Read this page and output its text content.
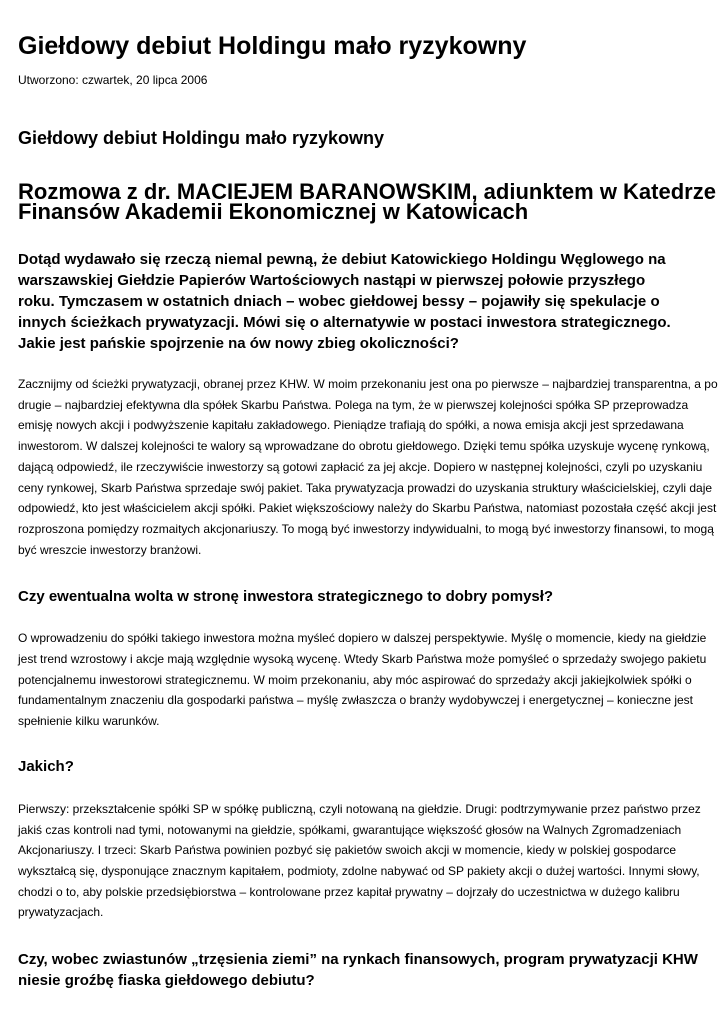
Giełdowy debiut Holdingu mało ryzykowny
Utworzono: czwartek, 20 lipca 2006
Giełdowy debiut Holdingu mało ryzykowny
Rozmowa z dr. MACIEJEM BARANOWSKIM, adiunktem w Katedrze Finansów Akademii Ekonomicznej w Katowicach

Dotąd wydawało się rzeczą niemal pewną, że debiut Katowickiego Holdingu Węglowego na warszawskiej Giełdzie Papierów Wartościowych nastąpi w pierwszej połowie przyszłego roku. Tymczasem w ostatnich dniach – wobec giełdowej bessy – pojawiły się spekulacje o innych ścieżkach prywatyzacji. Mówi się o alternatywie w postaci inwestora strategicznego. Jakie jest pańskie spojrzenie na ów nowy zbieg okoliczności?

Zacznijmy od ścieżki prywatyzacji, obranej przez KHW. W moim przekonaniu jest ona po pierwsze – najbardziej transparentna, a po drugie – najbardziej efektywna dla spółek Skarbu Państwa. Polega na tym, że w pierwszej kolejności spółka SP przeprowadza emisję nowych akcji i podwyższenie kapitału zakładowego. Pieniądze trafiają do spółki, a nowa emisja akcji jest sprzedawana inwestorom. W dalszej kolejności te walory są wprowadzane do obrotu giełdowego. Dzięki temu spółka uzyskuje wycenę rynkową, dającą odpowiedź, ile rzeczywiście inwestorzy są gotowi zapłacić za jej akcje. Dopiero w następnej kolejności, czyli po uzyskaniu ceny rynkowej, Skarb Państwa sprzedaje swój pakiet. Taka prywatyzacja prowadzi do uzyskania struktury właścicielskiej, czyli daje odpowiedź, kto jest właścicielem akcji spółki. Pakiet większościowy należy do Skarbu Państwa, natomiast pozostała część akcji jest rozproszona pomiędzy rozmaitych akcjonariuszy. To mogą być inwestorzy indywidualni, to mogą być inwestorzy finansowi, to mogą być wreszcie inwestorzy branżowi.

Czy ewentualna wolta w stronę inwestora strategicznego to dobry pomysł?

O wprowadzeniu do spółki takiego inwestora można myśleć dopiero w dalszej perspektywie. Myślę o momencie, kiedy na giełdzie jest trend wzrostowy i akcje mają względnie wysoką wycenę. Wtedy Skarb Państwa może pomyśleć o sprzedaży swojego pakietu potencjalnemu inwestorowi strategicznemu. W moim przekonaniu, aby móc aspirować do sprzedaży akcji jakiejkolwiek spółki o fundamentalnym znaczeniu dla gospodarki państwa – myślę zwłaszcza o branży wydobywczej i energetycznej – konieczne jest spełnienie kilku warunków.

Jakich?

Pierwszy: przekształcenie spółki SP w spółkę publiczną, czyli notowaną na giełdzie. Drugi: podtrzymywanie przez państwo przez jakiś czas kontroli nad tymi, notowanymi na giełdzie, spółkami, gwarantujące większość głosów na Walnych Zgromadzeniach Akcjonariuszy. I trzeci: Skarb Państwa powinien pozbyć się pakietów swoich akcji w momencie, kiedy w polskiej gospodarce wykształcą się, dysponujące znacznym kapitałem, podmioty, zdolne nabywać od SP pakiety akcji o dużej wartości. Innymi słowy, chodzi o to, aby polskie przedsiębiorstwa – kontrolowane przez kapitał prywatny – dojrzały do uczestnictwa w dużego kalibru prywatyzacjach.

Czy, wobec zwiastunów „trzęsienia ziemi” na rynkach finansowych, program prywatyzacji KHW niesie groźbę fiaska giełdowego debiutu?
